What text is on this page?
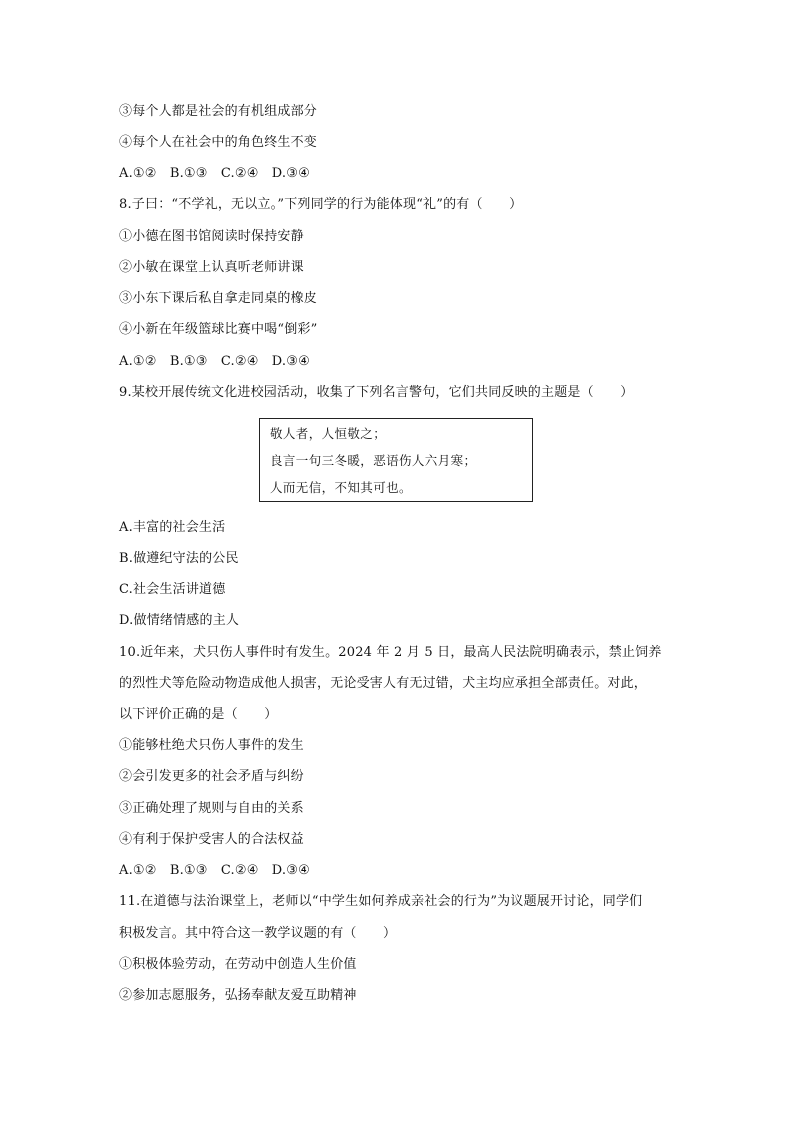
③每个人都是社会的有机组成部分
④每个人在社会中的角色终生不变
A.①②　B.①③　C.②④　D.③④
8.子曰：“不学礼，无以立。”下列同学的行为能体现“礼”的有（　　）
①小德在图书馆阅读时保持安静
②小敏在课堂上认真听老师讲课
③小东下课后私自拿走同桌的橡皮
④小新在年级篮球比赛中喝“倒彩”
A.①②　B.①③　C.②④　D.③④
9.某校开展传统文化进校园活动，收集了下列名言警句，它们共同反映的主题是（　　）
敬人者，人恒敬之；
良言一句三冬暖，恶语伤人六月寒；
人而无信，不知其可也。
A.丰富的社会生活
B.做遵纪守法的公民
C.社会生活讲道德
D.做情绪情感的主人
10.近年来，犬只伤人事件时有发生。2024 年 2 月 5 日，最高人民法院明确表示，禁止饲养
的烈性犬等危险动物造成他人损害，无论受害人有无过错，犬主均应承担全部责任。对此，
以下评价正确的是（　　）
①能够杜绝犬只伤人事件的发生
②会引发更多的社会矛盾与纠纷
③正确处理了规则与自由的关系
④有利于保护受害人的合法权益
A.①②　B.①③　C.②④　D.③④
11.在道德与法治课堂上，老师以“中学生如何养成亲社会的行为”为议题展开讨论，同学们
积极发言。其中符合这一教学议题的有（　　）
①积极体验劳动，在劳动中创造人生价值
②参加志愿服务，弘扬奉献友爱互助精神
